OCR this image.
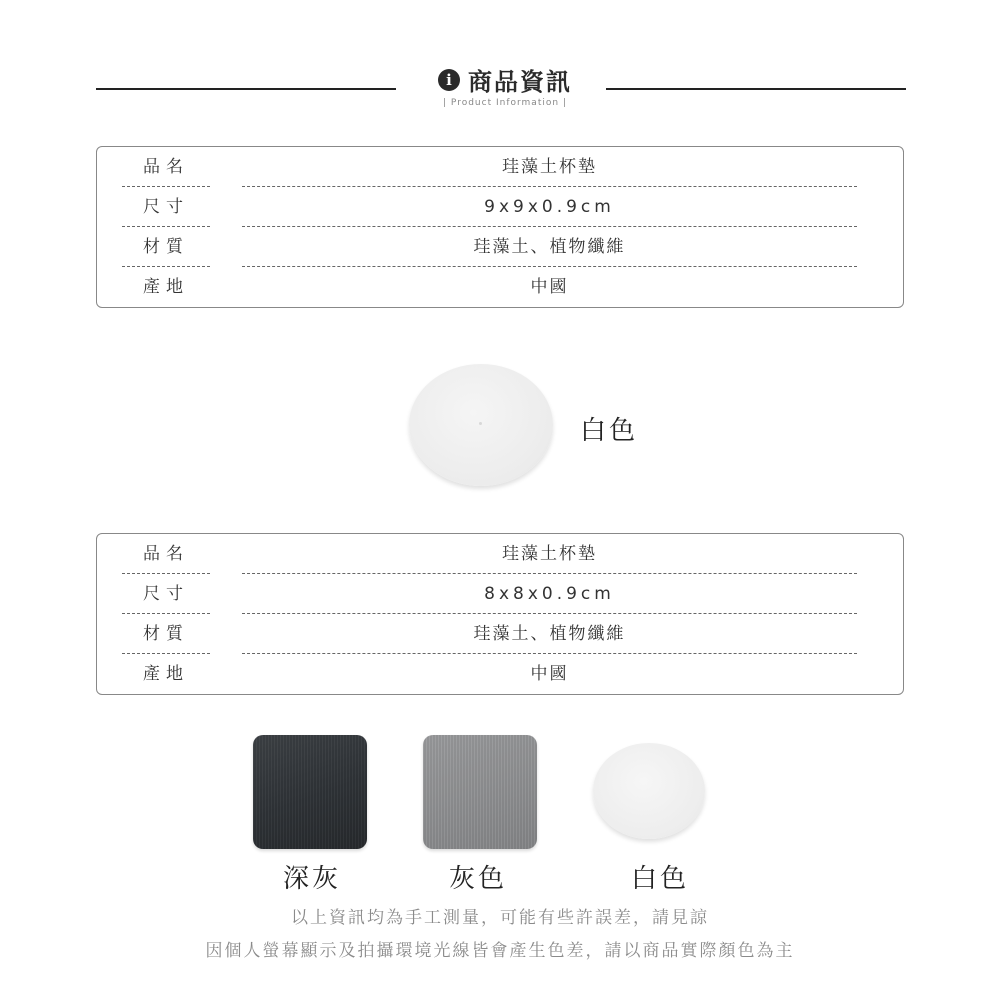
i 商品資訊
| Product Information |
品名	珪藻土杯墊
尺寸	9x9x0.9cm
材質	珪藻土、植物纖維
產地	中國
白色
品名	珪藻土杯墊
尺寸	8x8x0.9cm
材質	珪藻土、植物纖維
產地	中國
深灰	灰色	白色
以上資訊均為手工測量，可能有些許誤差，請見諒
因個人螢幕顯示及拍攝環境光線皆會產生色差，請以商品實際顏色為主
